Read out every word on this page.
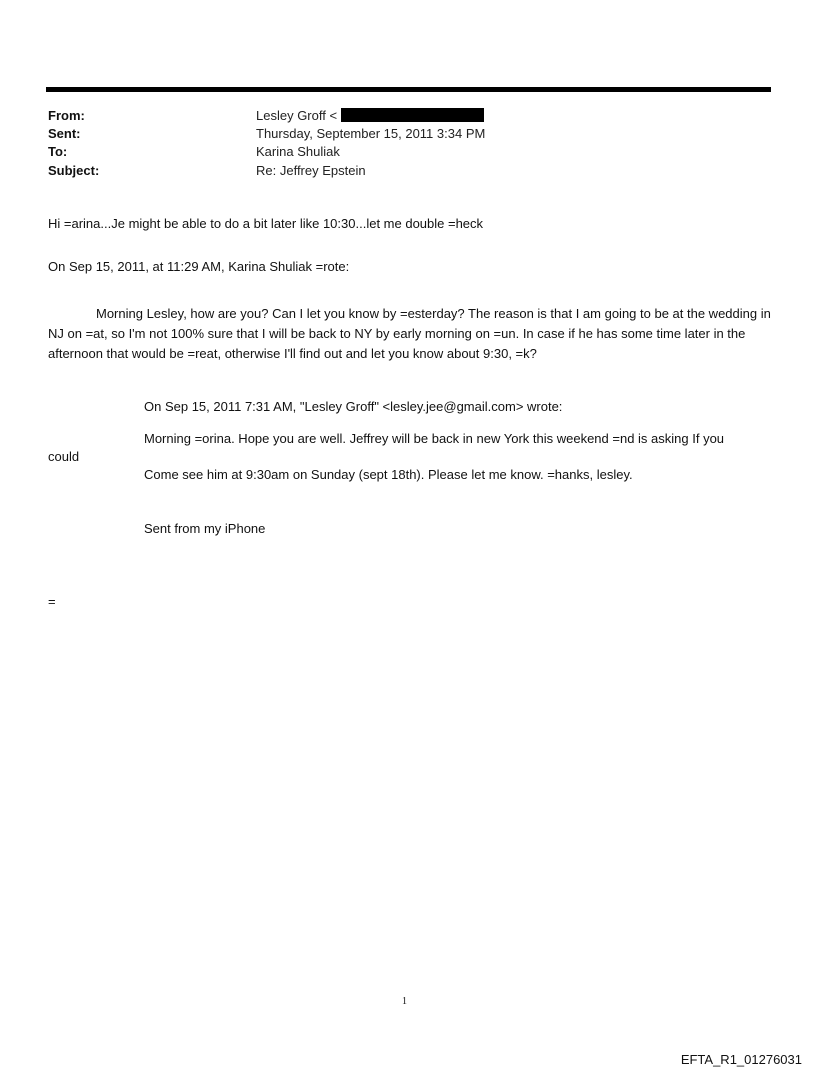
From:	Lesley Groff <
Sent:	Thursday, September 15, 2011 3:34 PM
To:	Karina Shuliak
Subject:	Re: Jeffrey Epstein
Hi =arina...Je might be able to do a bit later like 10:30...let me double =heck
On Sep 15, 2011, at 11:29 AM, Karina Shuliak =rote:
Morning Lesley, how are you? Can I let you know by =esterday? The reason is that I am going to be at the wedding in NJ on =at, so I'm not 100% sure that I will be back to NY by early morning on =un. In case if he has some time later in the afternoon that would be =reat, otherwise I'll find out and let you know about 9:30, =k?
On Sep 15, 2011 7:31 AM, "Lesley Groff" <lesley.jee@gmail.com> wrote:
Morning =orina. Hope you are well. Jeffrey will be back in new York this weekend =nd is asking If you
could
Come see him at 9:30am on Sunday (sept 18th). Please let me know. =hanks, lesley.
Sent from my iPhone
=
1
EFTA_R1_01276031
